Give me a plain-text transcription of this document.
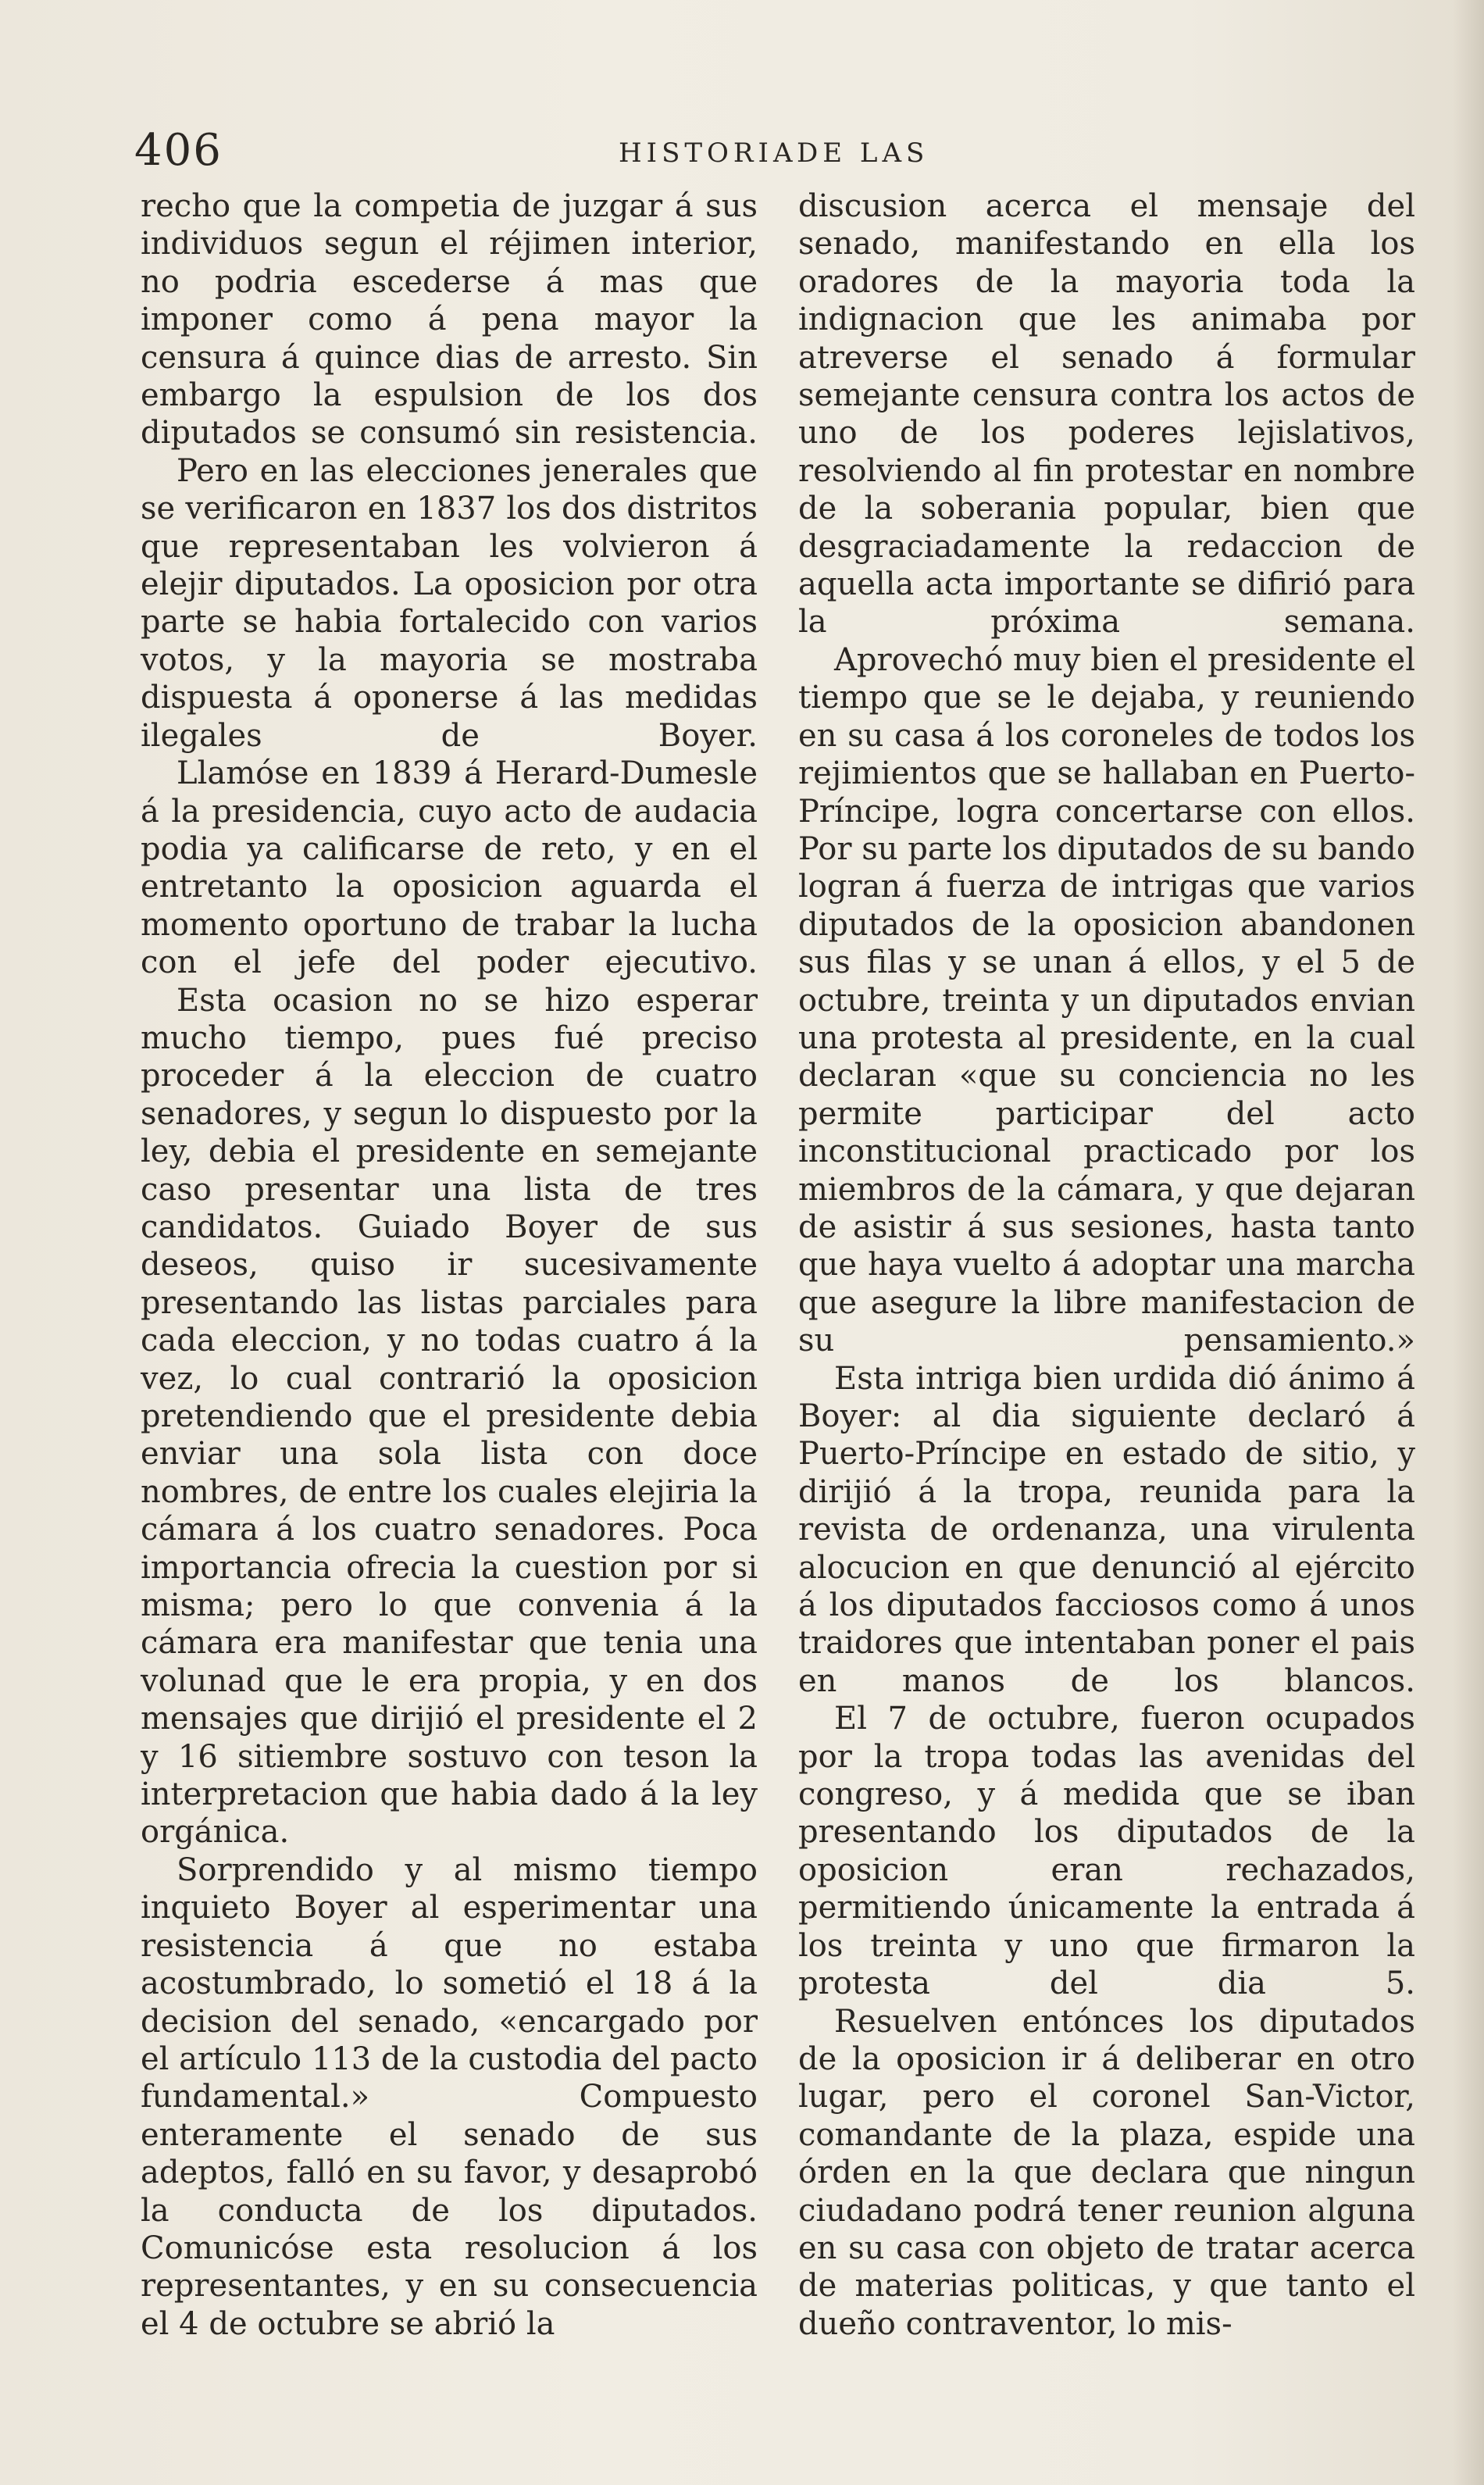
406	HISTORIA DE LAS

recho que la competia de juzgar á sus individuos segun el réjimen interior, no podria escederse á mas que imponer como á pena mayor la censura á quince dias de arresto. Sin embargo la espulsion de los dos diputados se consumó sin resistencia.

Pero en las elecciones jenerales que se verificaron en 1837 los dos distritos que representaban les volvieron á elejir diputados. La oposicion por otra parte se habia fortalecido con varios votos, y la mayoria se mostraba dispuesta á oponerse á las medidas ilegales de Boyer.

Llamóse en 1839 á Herard-Dumesle á la presidencia, cuyo acto de audacia podia ya calificarse de reto, y en el entretanto la oposicion aguarda el momento oportuno de trabar la lucha con el jefe del poder ejecutivo.

Esta ocasion no se hizo esperar mucho tiempo, pues fué preciso proceder á la eleccion de cuatro senadores, y segun lo dispuesto por la ley, debia el presidente en semejante caso presentar una lista de tres candidatos. Guiado Boyer de sus deseos, quiso ir sucesivamente presentando las listas parciales para cada eleccion, y no todas cuatro á la vez, lo cual contrarió la oposicion pretendiendo que el presidente debia enviar una sola lista con doce nombres, de entre los cuales elejiria la cámara á los cuatro senadores. Poca importancia ofrecia la cuestion por si misma; pero lo que convenia á la cámara era manifestar que tenia una volunad que le era propia, y en dos mensajes que dirijió el presidente el 2 y 16 sitiembre sostuvo con teson la interpretacion que habia dado á la ley orgánica.

Sorprendido y al mismo tiempo inquieto Boyer al esperimentar una resistencia á que no estaba acostumbrado, lo sometió el 18 á la decision del senado, «encargado por el artículo 113 de la custodia del pacto fundamental.» Compuesto enteramente el senado de sus adeptos, falló en su favor, y desaprobó la conducta de los diputados. Comunicóse esta resolucion á los representantes, y en su consecuencia el 4 de octubre se abrió la

discusion acerca el mensaje del senado, manifestando en ella los oradores de la mayoria toda la indignacion que les animaba por atreverse el senado á formular semejante censura contra los actos de uno de los poderes lejislativos, resolviendo al fin protestar en nombre de la soberania popular, bien que desgraciadamente la redaccion de aquella acta importante se difirió para la próxima semana.

Aprovechó muy bien el presidente el tiempo que se le dejaba, y reuniendo en su casa á los coroneles de todos los rejimientos que se hallaban en Puerto-Príncipe, logra concertarse con ellos. Por su parte los diputados de su bando logran á fuerza de intrigas que varios diputados de la oposicion abandonen sus filas y se unan á ellos, y el 5 de octubre, treinta y un diputados envian una protesta al presidente, en la cual declaran «que su conciencia no les permite participar del acto inconstitucional practicado por los miembros de la cámara, y que dejaran de asistir á sus sesiones, hasta tanto que haya vuelto á adoptar una marcha que asegure la libre manifestacion de su pensamiento.»

Esta intriga bien urdida dió ánimo á Boyer: al dia siguiente declaró á Puerto-Príncipe en estado de sitio, y dirijió á la tropa, reunida para la revista de ordenanza, una virulenta alocucion en que denunció al ejército á los diputados facciosos como á unos traidores que intentaban poner el pais en manos de los blancos.

El 7 de octubre, fueron ocupados por la tropa todas las avenidas del congreso, y á medida que se iban presentando los diputados de la oposicion eran rechazados, permitiendo únicamente la entrada á los treinta y uno que firmaron la protesta del dia 5.

Resuelven entónces los diputados de la oposicion ir á deliberar en otro lugar, pero el coronel San-Victor, comandante de la plaza, espide una órden en la que declara que ningun ciudadano podrá tener reunion alguna en su casa con objeto de tratar acerca de materias politicas, y que tanto el dueño contraventor, lo mis-
